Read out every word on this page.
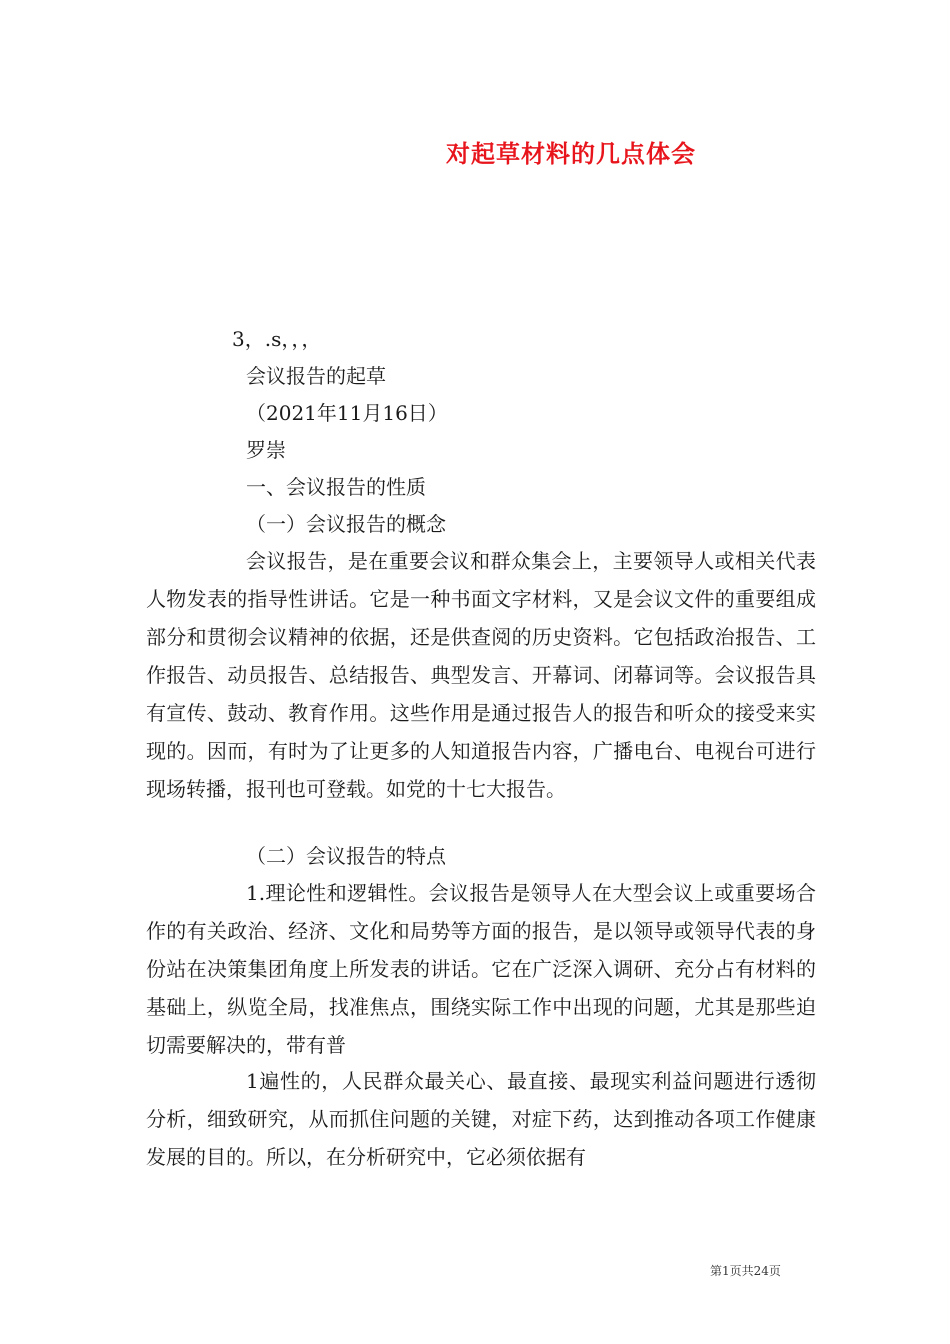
对起草材料的几点体会

3，.s，，，

会议报告的起草

（2021年11月16日）

罗崇

一、会议报告的性质

（一）会议报告的概念

会议报告，是在重要会议和群众集会上，主要领导人或相关代表人物发表的指导性讲话。它是一种书面文字材料，又是会议文件的重要组成部分和贯彻会议精神的依据，还是供查阅的历史资料。它包括政治报告、工作报告、动员报告、总结报告、典型发言、开幕词、闭幕词等。会议报告具有宣传、鼓动、教育作用。这些作用是通过报告人的报告和听众的接受来实现的。因而，有时为了让更多的人知道报告内容，广播电台、电视台可进行现场转播，报刊也可登载。如党的十七大报告。

（二）会议报告的特点

1.理论性和逻辑性。会议报告是领导人在大型会议上或重要场合作的有关政治、经济、文化和局势等方面的报告，是以领导或领导代表的身份站在决策集团角度上所发表的讲话。它在广泛深入调研、充分占有材料的基础上，纵览全局，找准焦点，围绕实际工作中出现的问题，尤其是那些迫切需要解决的，带有普

1遍性的，人民群众最关心、最直接、最现实利益问题进行透彻分析，细致研究，从而抓住问题的关键，对症下药，达到推动各项工作健康发展的目的。所以，在分析研究中，它必须依据有

第1页共24页
